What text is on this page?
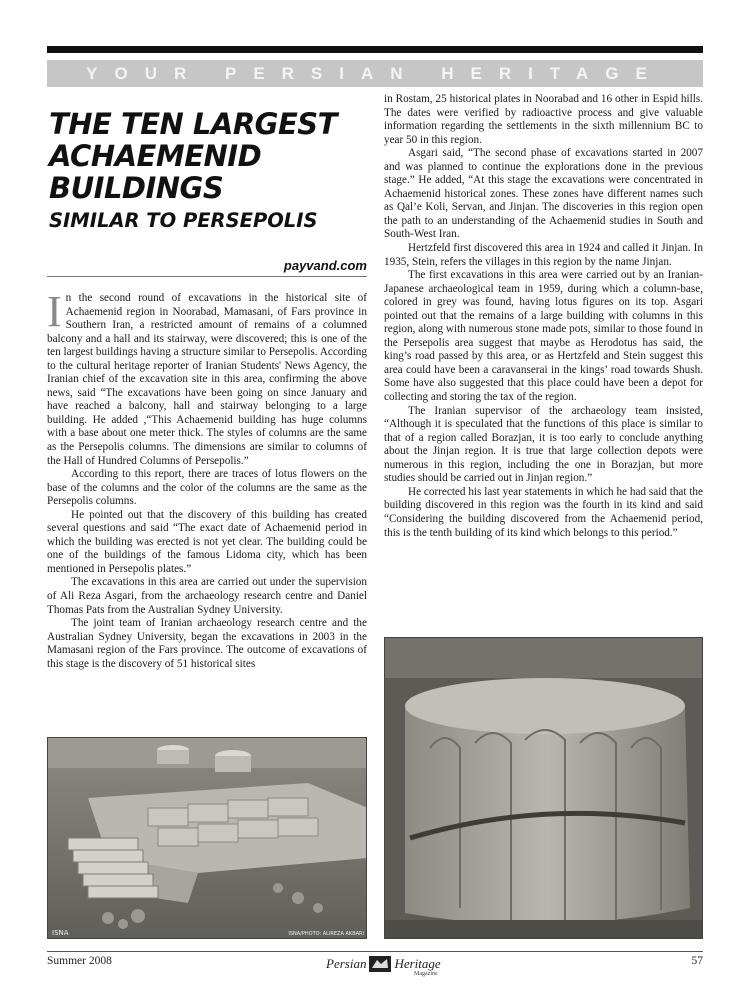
YOUR PERSIAN HERITAGE
THE TEN LARGEST ACHAEMENID BUILDINGS
SIMILAR TO PERSEPOLIS
payvand.com

In the second round of excavations in the historical site of Achaemenid region in Noorabad, Mamasani, of Fars province in Southern Iran, a restricted amount of remains of a columned balcony and a hall and its stairway, were discovered; this is one of the ten largest buildings having a structure similar to Persepolis. According to the cultural heritage reporter of Iranian Students' News Agency, the Iranian chief of the excavation site in this area, confirming the above news, said “The excavations have been going on since January and have reached a balcony, hall and stairway belonging to a large building. He added ,“This Achaemenid building has huge columns with a base about one meter thick. The styles of columns are the same as the Persepolis columns. The dimensions are similar to columns of the Hall of Hundred Columns of Persepolis.”

According to this report, there are traces of lotus flowers on the base of the columns and the color of the columns are the same as the Persepolis columns.

He pointed out that the discovery of this building has created several questions and said “The exact date of Achaemenid period in which the building was erected is not yet clear. The building could be one of the buildings of the famous Lidoma city, which has been mentioned in Persepolis plates.”

The excavations in this area are carried out under the supervision of Ali Reza Asgari, from the archaeology research centre and Daniel Thomas Pats from the Australian Sydney University.

The joint team of Iranian archaeology research centre and the Australian Sydney University, began the excavations in 2003 in the Mamasani region of the Fars province. The outcome of excavations of this stage is the discovery of 51 historical sites

in Rostam, 25 historical plates in Noorabad and 16 other in Espid hills. The dates were verified by radioactive process and give valuable information regarding the settlements in the sixth millennium BC to year 50 in this region.

Asgari said, “The second phase of excavations started in 2007 and was planned to continue the explorations done in the previous stage.” He added, “At this stage the excavations were concentrated in Achaemenid historical zones. These zones have different names such as Qal’e Koli, Servan, and Jinjan. The discoveries in this region open the path to an understanding of the Achaemenid studies in South and South-West Iran.

Hertzfeld first discovered this area in 1924 and called it Jinjan. In 1935, Stein, refers the villages in this region by the name Jinjan.

The first excavations in this area were carried out by an Iranian-Japanese archaeological team in 1959, during which a column-base, colored in grey was found, having lotus figures on its top. Asgari pointed out that the remains of a large building with columns in this region, along with numerous stone made pots, similar to those found in the Persepolis area suggest that maybe as Herodotus has said, the king’s road passed by this area, or as Hertzfeld and Stein suggest this area could have been a caravanserai in the kings’ road towards Shush. Some have also suggested that this place could have been a depot for collecting and storing the tax of the region.

The Iranian supervisor of the archaeology team insisted, “Although it is speculated that the functions of this place is similar to that of a region called Borazjan, it is too early to conclude anything about the Jinjan region. It is true that large collection depots were numerous in this region, including the one in Borazjan, but more studies should be carried out in Jinjan region.”

He corrected his last year statements in which he had said that the building discovered in this region was the fourth in its kind and said “Considering the building discovered from the Achaemenid period, this is the tenth building of its kind which belongs to this period.”

ISNA	ISNA/PHOTO: ALIREZA AKBARI
Summer 2008	Persian Heritage
Magazine
57
